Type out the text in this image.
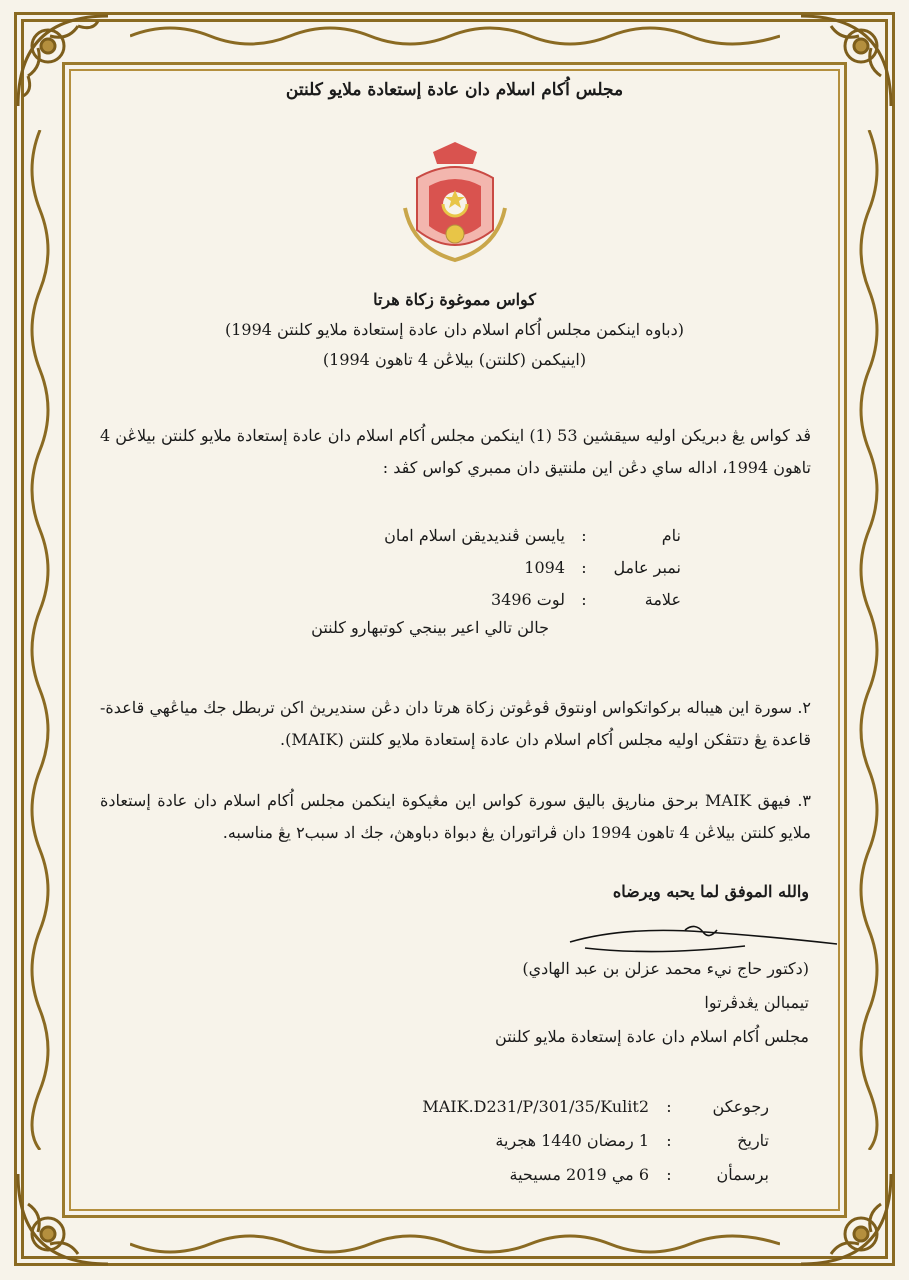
مجلس اُکام اسلام دان عادة إستعادة ملايو كلنتن
كواس مموغوة زكاة هرتا
(دباوه اينكمن مجلس اُکام اسلام دان عادة إستعادة ملايو كلنتن 1994)
(اينيكمن (كلنتن) بيلاڠن 4 تاهون 1994)
ڤد كواس يڠ دبريكن اوليه سيقشين 53 (1) اينكمن مجلس اُکام اسلام دان عادة إستعادة ملايو كلنتن بيلاڠن 4 تاهون 1994، اداله ساي دڠن اين ملنتيق دان ممبري كواس كڤد :
نام
:
يايسن ڤنديديقن اسلام امان
نمبر عامل
:
1094
علامة
:
لوت 3496
جالن تالي اعير بينجي كوتبهارو كلنتن
٢. سورة اين هيباله بركواتكواس اونتوق ڤوڠوتن زكاة هرتا دان دڠن سنديريڽ اكن تربطل جك مياڠهي قاعدة-قاعدة يڠ دتتڤكن اوليه مجلس اُکام اسلام دان عادة إستعادة ملايو كلنتن (MAIK).
٣. فيهق MAIK برحق منارڽق باليق سورة كواس اين مڠيكوة اينكمن مجلس اُکام اسلام دان عادة إستعادة ملايو كلنتن بيلاڠن 4 تاهون 1994 دان ڤراتوران يڠ دبواة دباوهڽ، جك اد سبب٢ يڠ مناسبه.
والله الموفق لما يحبه ويرضاه
(دكتور حاج نيء محمد عزلن بن عبد الهادي)
تيمبالن يڠدڤرتوا
مجلس اُکام اسلام دان عادة إستعادة ملايو كلنتن
رجوعكن
:
MAIK.D231/P/301/35/Kulit2
تاريخ
:
1 رمضان 1440 هجرية
برسمأن
:
6 مي 2019 مسيحية
